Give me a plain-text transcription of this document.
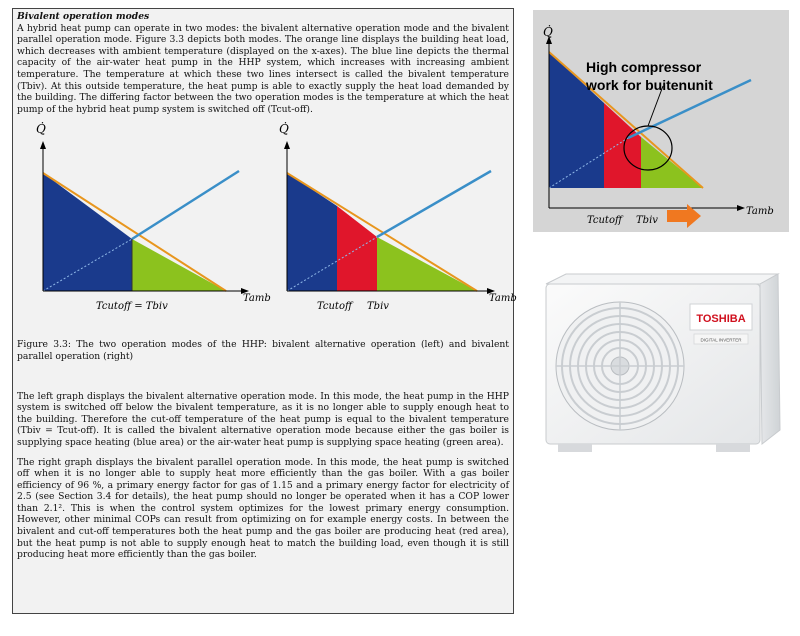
Bivalent operation modes

A hybrid heat pump can operate in two modes: the bivalent alternative operation mode and the bivalent parallel operation mode. Figure 3.3 depicts both modes. The orange line displays the building heat load, which decreases with ambient temperature (displayed on the x-axes). The blue line depicts the thermal capacity of the air-water heat pump in the HHP system, which increases with increasing ambient temperature. The temperature at which these two lines intersect is called the bivalent temperature (Tbiv). At this outside temperature, the heat pump is able to exactly supply the heat load demanded by the building. The differing factor between the two operation modes is the temperature at which the heat pump of the hybrid heat pump system is switched off (Tcut-off).

Q̇
Tamb
Tcutoff = Tbiv
Q̇
Tamb
Tcutoff Tbiv

Figure 3.3: The two operation modes of the HHP: bivalent alternative operation (left) and bivalent parallel operation (right)

The left graph displays the bivalent alternative operation mode. In this mode, the heat pump in the HHP system is switched off below the bivalent temperature, as it is no longer able to supply enough heat to the building. Therefore the cut-off temperature of the heat pump is equal to the bivalent temperature (Tbiv = Tcut-off). It is called the bivalent alternative operation mode because either the gas boiler is supplying space heating (blue area) or the air-water heat pump is supplying space heating (green area).

The right graph displays the bivalent parallel operation mode. In this mode, the heat pump is switched off when it is no longer able to supply heat more efficiently than the gas boiler. With a gas boiler efficiency of 96 %, a primary energy factor for gas of 1.15 and a primary energy factor for electricity of 2.5 (see Section 3.4 for details), the heat pump should no longer be operated when it has a COP lower than 2.1². This is when the control system optimizes for the lowest primary energy consumption. However, other minimal COPs can result from optimizing on for example energy costs. In between the bivalent and cut-off temperatures both the heat pump and the gas boiler are producing heat (red area), but the heat pump is not able to supply enough heat to match the building load, even though it is still producing heat more efficiently than the gas boiler.

Q̇
Tamb
High compressor
work for buitenunit
Tcutoff Tbiv
TOSHIBA
DIGITAL INVERTER
